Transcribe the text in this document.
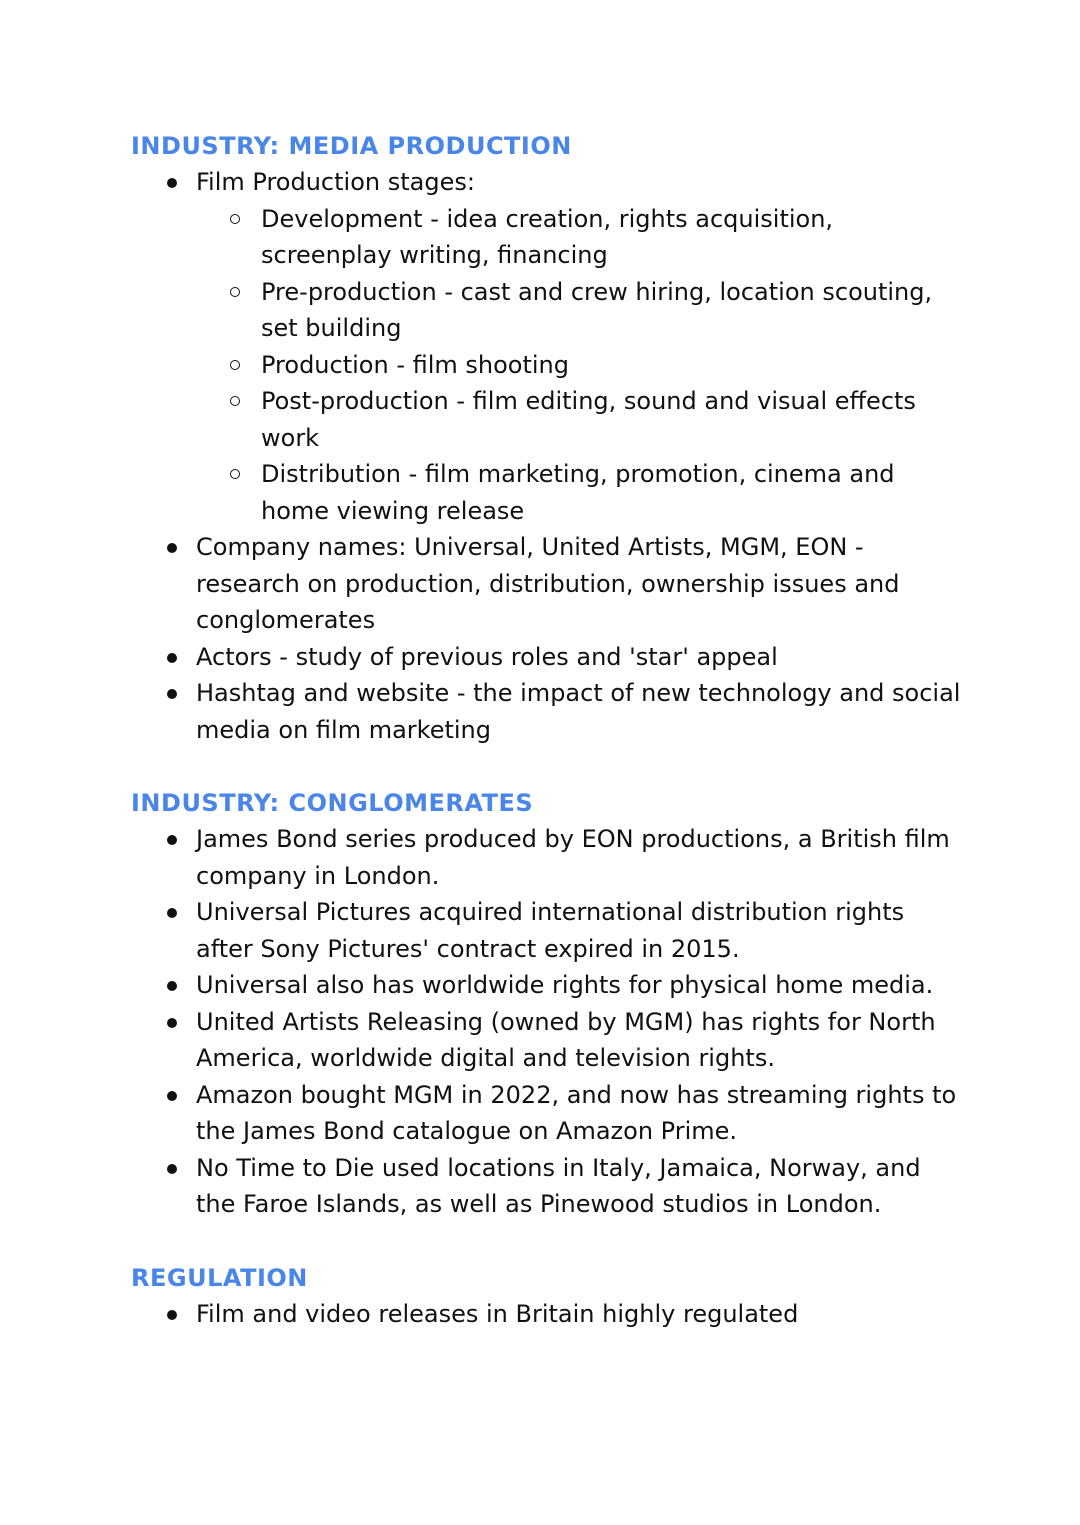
INDUSTRY: MEDIA PRODUCTION
Film Production stages:
Development - idea creation, rights acquisition, screenplay writing, financing
Pre-production - cast and crew hiring, location scouting, set building
Production - film shooting
Post-production - film editing, sound and visual effects work
Distribution - film marketing, promotion, cinema and home viewing release
Company names: Universal, United Artists, MGM, EON - research on production, distribution, ownership issues and conglomerates
Actors - study of previous roles and 'star' appeal
Hashtag and website - the impact of new technology and social media on film marketing
INDUSTRY: CONGLOMERATES
James Bond series produced by EON productions, a British film company in London.
Universal Pictures acquired international distribution rights after Sony Pictures' contract expired in 2015.
Universal also has worldwide rights for physical home media.
United Artists Releasing (owned by MGM) has rights for North America, worldwide digital and television rights.
Amazon bought MGM in 2022, and now has streaming rights to the James Bond catalogue on Amazon Prime.
No Time to Die used locations in Italy, Jamaica, Norway, and the Faroe Islands, as well as Pinewood studios in London.
REGULATION
Film and video releases in Britain highly regulated
